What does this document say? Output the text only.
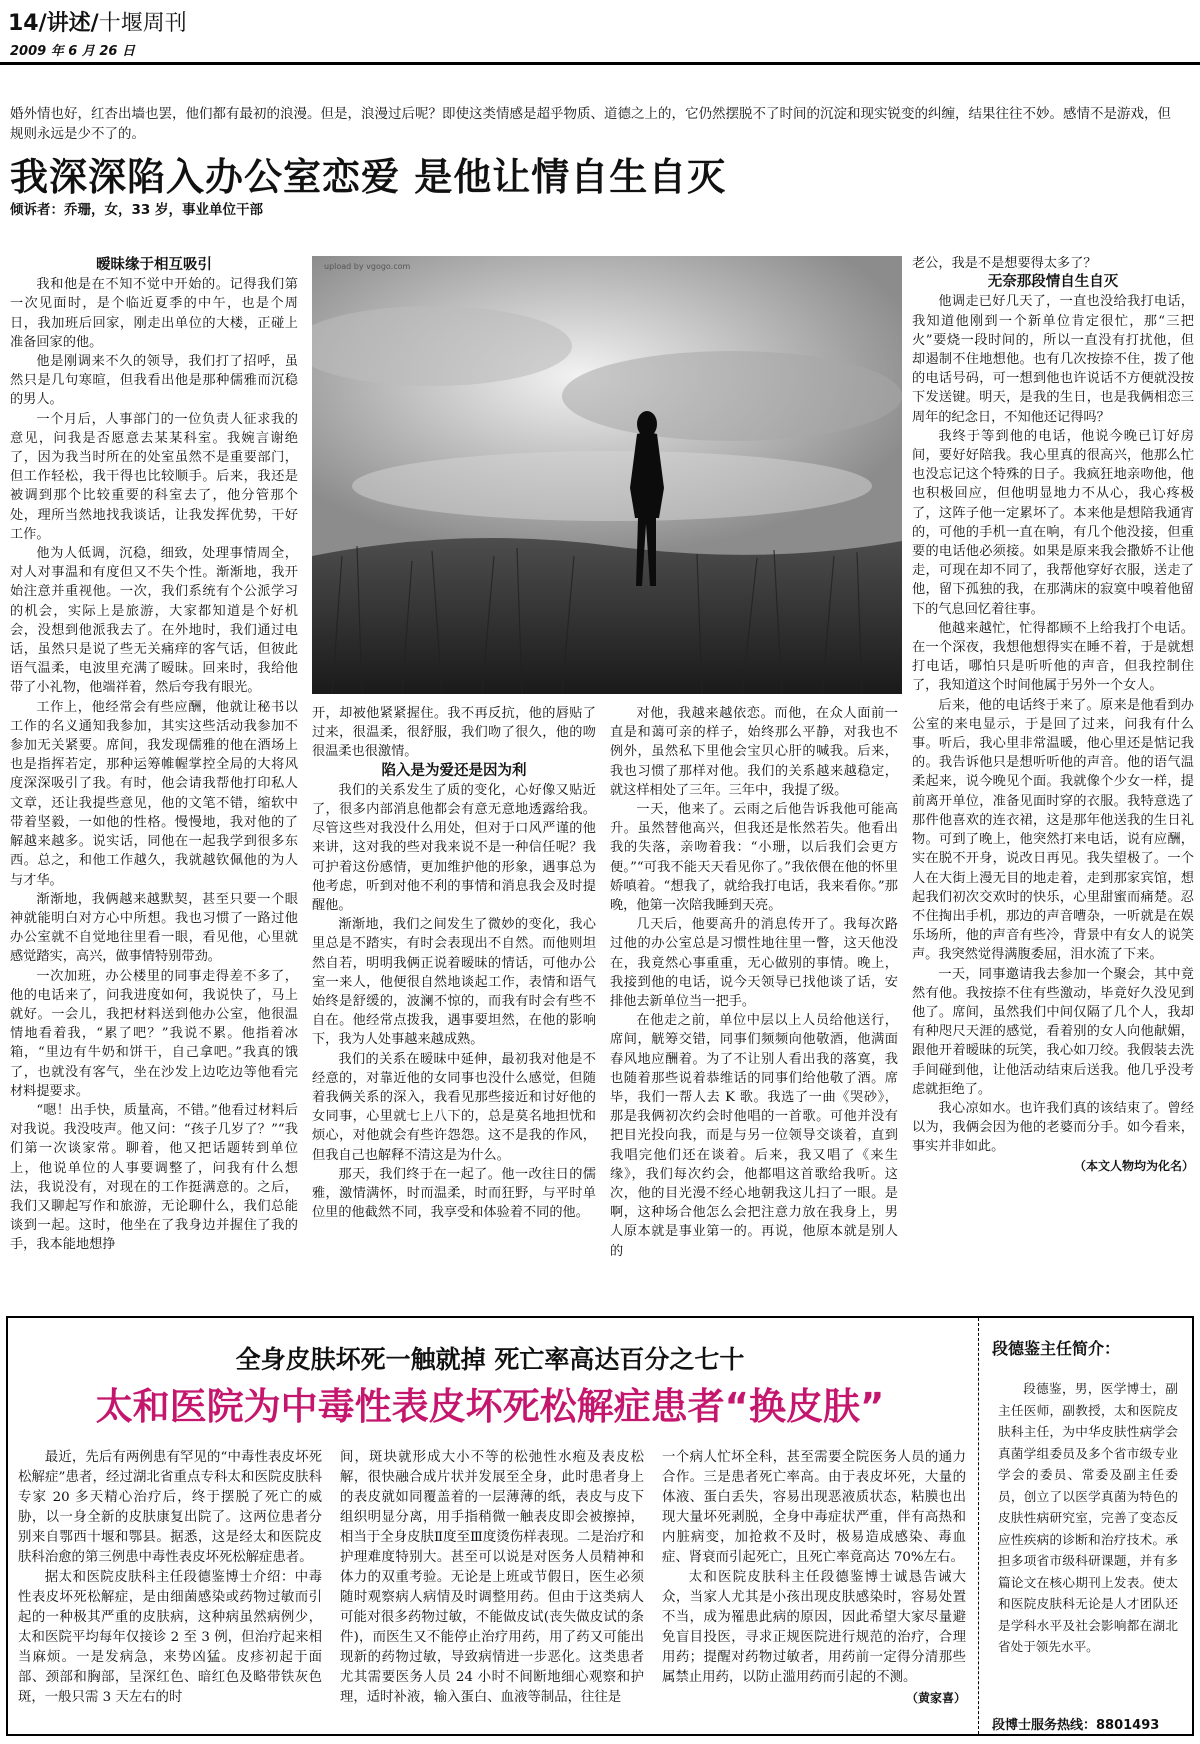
14/讲述/十堰周刊
2009 年 6 月 26 日
婚外情也好，红杏出墙也罢，他们都有最初的浪漫。但是，浪漫过后呢？即使这类情感是超乎物质、道德之上的，它仍然摆脱不了时间的沉淀和现实锐变的纠缠，结果往往不妙。感情不是游戏，但规则永远是少不了的。
我深深陷入办公室恋爱 是他让情自生自灭
倾诉者：乔珊，女，33 岁，事业单位干部
upload by vgogo.com

暧昧缘于相互吸引

我和他是在不知不觉中开始的。记得我们第一次见面时，是个临近夏季的中午，也是个周日，我加班后回家，刚走出单位的大楼，正碰上准备回家的他。

他是刚调来不久的领导，我们打了招呼，虽然只是几句寒暄，但我看出他是那种儒雅而沉稳的男人。

一个月后，人事部门的一位负责人征求我的意见，问我是否愿意去某某科室。我婉言谢绝了，因为我当时所在的处室虽然不是重要部门，但工作轻松，我干得也比较顺手。后来，我还是被调到那个比较重要的科室去了，他分管那个处，理所当然地找我谈话，让我发挥优势，干好工作。

他为人低调，沉稳，细致，处理事情周全，对人对事温和有度但又不失个性。渐渐地，我开始注意并重视他。一次，我们系统有个公派学习的机会，实际上是旅游，大家都知道是个好机会，没想到他派我去了。在外地时，我们通过电话，虽然只是说了些无关痛痒的客气话，但彼此语气温柔，电波里充满了暧昧。回来时，我给他带了小礼物，他端祥着，然后夸我有眼光。

工作上，他经常会有些应酬，他就让秘书以工作的名义通知我参加，其实这些活动我参加不参加无关紧要。席间，我发现儒雅的他在酒场上也是指挥若定，那种运筹帷幄掌控全局的大将风度深深吸引了我。有时，他会请我帮他打印私人文章，还让我提些意见，他的文笔不错，缩软中带着坚毅，一如他的性格。慢慢地，我对他的了解越来越多。说实话，同他在一起我学到很多东西。总之，和他工作越久，我就越钦佩他的为人与才华。

渐渐地，我俩越来越默契，甚至只要一个眼神就能明白对方心中所想。我也习惯了一路过他办公室就不自觉地往里看一眼，看见他，心里就感觉踏实，高兴，做事情特别带劲。

一次加班，办公楼里的同事走得差不多了，他的电话来了，问我进度如何，我说快了，马上就好。一会儿，我把材料送到他办公室，他很温情地看着我，“累了吧？”我说不累。他指着冰箱，“里边有牛奶和饼干，自己拿吧。”我真的饿了，也就没有客气，坐在沙发上边吃边等他看完材料提要求。

“嗯！出手快，质量高，不错。”他看过材料后对我说。我没吱声。他又问：“孩子几岁了？”“我们第一次谈家常。聊着，他又把话题转到单位上，他说单位的人事要调整了，问我有什么想法，我说没有，对现在的工作挺满意的。之后，我们又聊起写作和旅游，无论聊什么，我们总能谈到一起。这时，他坐在了我身边并握住了我的手，我本能地想挣

开，却被他紧紧握住。我不再反抗，他的唇贴了过来，很温柔，很舒服，我们吻了很久，他的吻很温柔也很激情。

陷入是为爱还是因为利

我们的关系发生了质的变化，心好像又贴近了，很多内部消息他都会有意无意地透露给我。尽管这些对我没什么用处，但对于口风严谨的他来讲，这对我的些对我来说不是一种信任呢？我可护着这份感情，更加维护他的形象，遇事总为他考虑，听到对他不利的事情和消息我会及时提醒他。

渐渐地，我们之间发生了微妙的变化，我心里总是不踏实，有时会表现出不自然。而他则坦然自若，明明我俩正说着暧昧的情话，可他办公室一来人，他便很自然地谈起工作，表情和语气始终是舒缓的，波澜不惊的，而我有时会有些不自在。他经常点拨我，遇事要坦然，在他的影响下，我为人处事越来越成熟。

我们的关系在暧昧中延伸，最初我对他是不经意的，对靠近他的女同事也没什么感觉，但随着我俩关系的深入，我看见那些接近和讨好他的女同事，心里就七上八下的，总是莫名地担忧和烦心，对他就会有些许怨怨。这不是我的作风，但我自己也解释不清这是为什么。

那天，我们终于在一起了。他一改往日的儒雅，激情满怀，时而温柔，时而狂野，与平时单位里的他截然不同，我享受和体验着不同的他。

对他，我越来越依恋。而他，在众人面前一直是和蔼可亲的样子，始终那么平静，对我也不例外，虽然私下里他会宝贝心肝的喊我。后来，我也习惯了那样对他。我们的关系越来越稳定，就这样相处了三年。三年中，我提了级。

一天，他来了。云雨之后他告诉我他可能高升。虽然替他高兴，但我还是怅然若失。他看出我的失落，亲吻着我：“小珊，以后我们会更方便。”“可我不能天天看见你了。”我依偎在他的怀里娇嗔着。“想我了，就给我打电话，我来看你。”那晚，他第一次陪我睡到天亮。

几天后，他要高升的消息传开了。我每次路过他的办公室总是习惯性地往里一瞥，这天他没在，我竟然心事重重，无心做别的事情。晚上，我接到他的电话，说今天领导已找他谈了话，安排他去新单位当一把手。

在他走之前，单位中层以上人员给他送行，席间，觥筹交错，同事们频频向他敬酒，他满面春风地应酬着。为了不让别人看出我的落寞，我也随着那些说着恭维话的同事们给他敬了酒。席毕，我们一帮人去 K 歌。我选了一曲《哭砂》，那是我俩初次约会时他唱的一首歌。可他并没有把目光投向我，而是与另一位领导交谈着，直到我唱完他们还在谈着。后来，我又唱了《来生缘》，我们每次约会，他都唱这首歌给我听。这次，他的目光漫不经心地朝我这儿扫了一眼。是啊，这种场合他怎么会把注意力放在我身上，男人原本就是事业第一的。再说，他原本就是别人的

老公，我是不是想要得太多了？

无奈那段情自生自灭

他调走已好几天了，一直也没给我打电话，我知道他刚到一个新单位肯定很忙，那“三把火”要烧一段时间的，所以一直没有打扰他，但却遏制不住地想他。也有几次按捺不住，拨了他的电话号码，可一想到他也许说话不方便就没按下发送键。明天，是我的生日，也是我俩相恋三周年的纪念日，不知他还记得吗？

我终于等到他的电话，他说今晚已订好房间，要好好陪我。我心里真的很高兴，他那么忙也没忘记这个特殊的日子。我疯狂地亲吻他，他也积极回应，但他明显地力不从心，我心疼极了，这阵子他一定累坏了。本来他是想陪我通宵的，可他的手机一直在响，有几个他没接，但重要的电话他必须接。如果是原来我会撒娇不让他走，可现在却不同了，我帮他穿好衣服，送走了他，留下孤独的我，在那满床的寂寞中嗅着他留下的气息回忆着往事。

他越来越忙，忙得都顾不上给我打个电话。在一个深夜，我想他想得实在睡不着，于是就想打电话，哪怕只是听听他的声音，但我控制住了，我知道这个时间他属于另外一个女人。

后来，他的电话终于来了。原来是他看到办公室的来电显示，于是回了过来，问我有什么事。听后，我心里非常温暖，他心里还是惦记我的。我告诉他只是想听听他的声音。他的语气温柔起来，说今晚见个面。我就像个少女一样，提前离开单位，准备见面时穿的衣服。我特意选了那件他喜欢的连衣裙，这是那年他送我的生日礼物。可到了晚上，他突然打来电话，说有应酬，实在脱不开身，说改日再见。我失望极了。一个人在大街上漫无目的地走着，走到那家宾馆，想起我们初次交欢时的快乐，心里甜蜜而痛楚。忍不住掏出手机，那边的声音嘈杂，一听就是在娱乐场所，他的声音有些冷，背景中有女人的说笑声。我突然觉得满腹委屈，泪水流了下来。

一天，同事邀请我去参加一个聚会，其中竟然有他。我按捺不住有些激动，毕竟好久没见到他了。席间，虽然我们中间仅隔了几个人，我却有种咫尺天涯的感觉，看着别的女人向他献媚，跟他开着暧昧的玩笑，我心如刀绞。我假装去洗手间碰到他，让他活动结束后送我。他几乎没考虑就拒绝了。

我心凉如水。也许我们真的该结束了。曾经以为，我俩会因为他的老婆而分手。如今看来，事实并非如此。

（本文人物均为化名）

全身皮肤坏死一触就掉 死亡率高达百分之七十
太和医院为中毒性表皮坏死松解症患者“换皮肤”

最近，先后有两例患有罕见的“中毒性表皮坏死松解症”患者，经过湖北省重点专科太和医院皮肤科专家 20 多天精心治疗后，终于摆脱了死亡的威胁，以一身全新的皮肤康复出院了。这两位患者分别来自鄂西十堰和鄂县。据悉，这是经太和医院皮肤科治愈的第三例患中毒性表皮坏死松解症患者。

据太和医院皮肤科主任段德鉴博士介绍：中毒性表皮坏死松解症，是由细菌感染或药物过敏而引起的一种极其严重的皮肤病，这种病虽然病例少，太和医院平均每年仅接诊 2 至 3 例，但治疗起来相当麻烦。一是发病急，来势凶猛。皮疹初起于面部、颈部和胸部，呈深红色、暗红色及略带铁灰色斑，一般只需 3 天左右的时

间，斑块就形成大小不等的松弛性水疱及表皮松解，很快融合成片状并发展至全身，此时患者身上的表皮就如同覆盖着的一层薄薄的纸，表皮与皮下组织明显分离，用手指稍微一触表皮即会被擦掉，相当于全身皮肤Ⅱ度至Ⅲ度烫伤样表现。二是治疗和护理难度特别大。甚至可以说是对医务人员精神和体力的双重考验。无论是上班或节假日，医生必须随时观察病人病情及时调整用药。但由于这类病人可能对很多药物过敏，不能做皮试(丧失做皮试的条件)，而医生又不能停止治疗用药，用了药又可能出现新的药物过敏，导致病情进一步恶化。这类患者尤其需要医务人员 24 小时不间断地细心观察和护理，适时补液，输入蛋白、血液等制品，往往是

一个病人忙坏全科，甚至需要全院医务人员的通力合作。三是患者死亡率高。由于表皮坏死，大量的体液、蛋白丢失，容易出现恶液质状态，粘膜也出现大量坏死剥脱，全身中毒症状严重，伴有高热和内脏病变，加抢救不及时，极易造成感染、毒血症、肾衰而引起死亡，且死亡率竟高达 70%左右。

太和医院皮肤科主任段德鉴博士诚恳告诫大众，当家人尤其是小孩出现皮肤感染时，容易处置不当，成为罹患此病的原因，因此希望大家尽量避免盲目投医，寻求正规医院进行规范的治疗，合理用药；提醒对药物过敏者，用药前一定得分清那些属禁止用药，以防止滥用药而引起的不测。

（黄家喜）

段德鉴主任简介：

段德鉴，男，医学博士，副主任医师，副教授，太和医院皮肤科主任，为中华皮肤性病学会真菌学组委员及多个省市级专业学会的委员、常委及副主任委员，创立了以医学真菌为特色的皮肤性病研究室，完善了变态反应性疾病的诊断和治疗技术。承担多项省市级科研课题，并有多篇论文在核心期刊上发表。使太和医院皮肤科无论是人才团队还是学科水平及社会影响都在湖北省处于领先水平。

段博士服务热线：8801493
